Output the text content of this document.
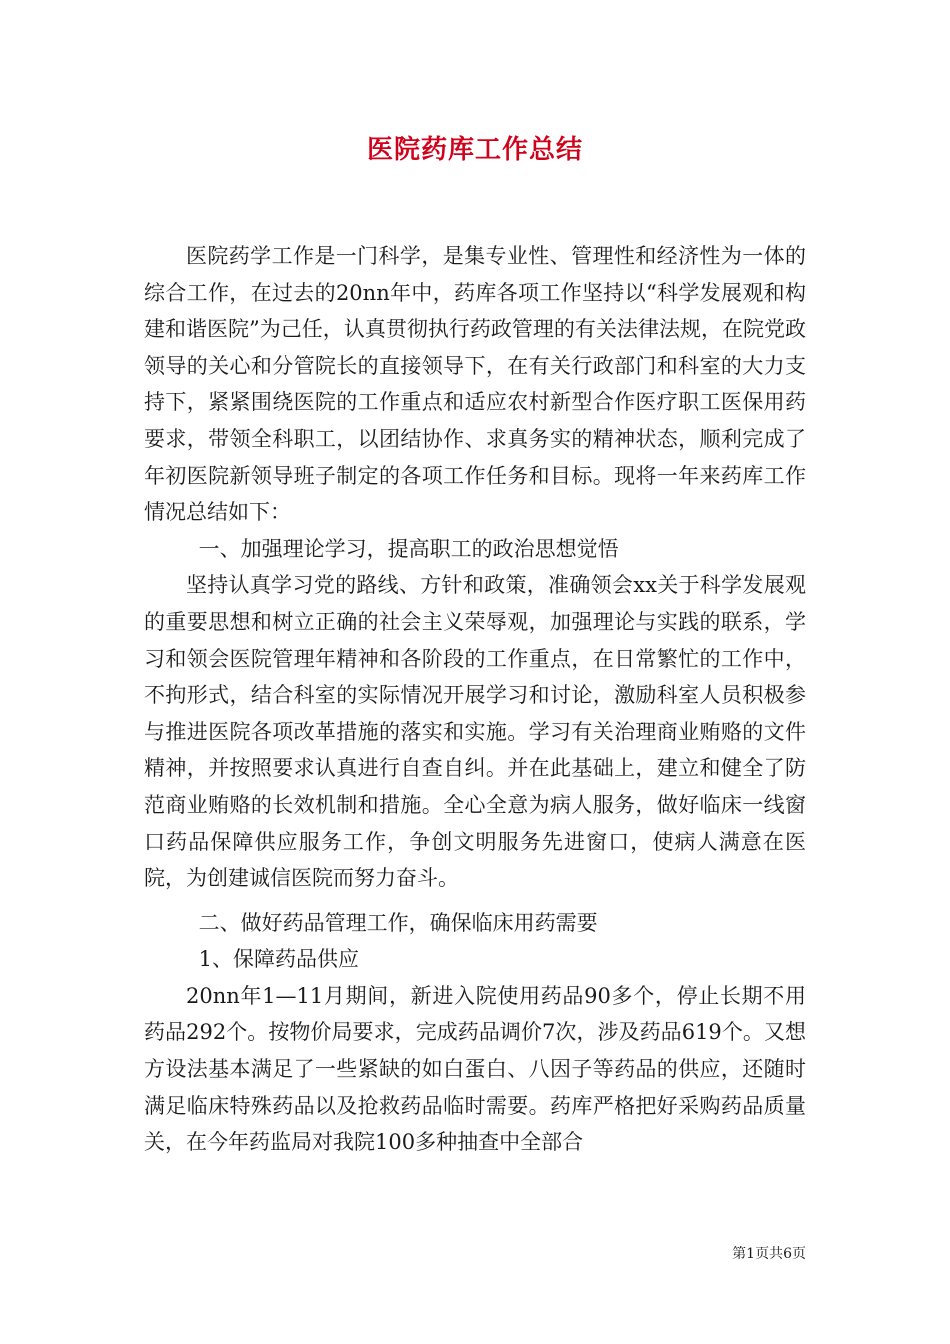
医院药库工作总结

医院药学工作是一门科学，是集专业性、管理性和经济性为一体的综合工作，在过去的20nn年中，药库各项工作坚持以“科学发展观和构建和谐医院”为己任，认真贯彻执行药政管理的有关法律法规，在院党政领导的关心和分管院长的直接领导下，在有关行政部门和科室的大力支持下，紧紧围绕医院的工作重点和适应农村新型合作医疗职工医保用药要求，带领全科职工，以团结协作、求真务实的精神状态，顺利完成了年初医院新领导班子制定的各项工作任务和目标。现将一年来药库工作情况总结如下：

一、加强理论学习，提高职工的政治思想觉悟

坚持认真学习党的路线、方针和政策，准确领会xx关于科学发展观的重要思想和树立正确的社会主义荣辱观，加强理论与实践的联系，学习和领会医院管理年精神和各阶段的工作重点，在日常繁忙的工作中，不拘形式，结合科室的实际情况开展学习和讨论，激励科室人员积极参与推进医院各项改革措施的落实和实施。学习有关治理商业贿赂的文件精神，并按照要求认真进行自查自纠。并在此基础上，建立和健全了防范商业贿赂的长效机制和措施。全心全意为病人服务，做好临床一线窗口药品保障供应服务工作，争创文明服务先进窗口，使病人满意在医院，为创建诚信医院而努力奋斗。

二、做好药品管理工作，确保临床用药需要

1、保障药品供应

20nn年1—11月期间，新进入院使用药品90多个，停止长期不用药品292个。按物价局要求，完成药品调价7次，涉及药品619个。又想方设法基本满足了一些紧缺的如白蛋白、八因子等药品的供应，还随时满足临床特殊药品以及抢救药品临时需要。药库严格把好采购药品质量关，在今年药监局对我院100多种抽查中全部合

第1页共6页
